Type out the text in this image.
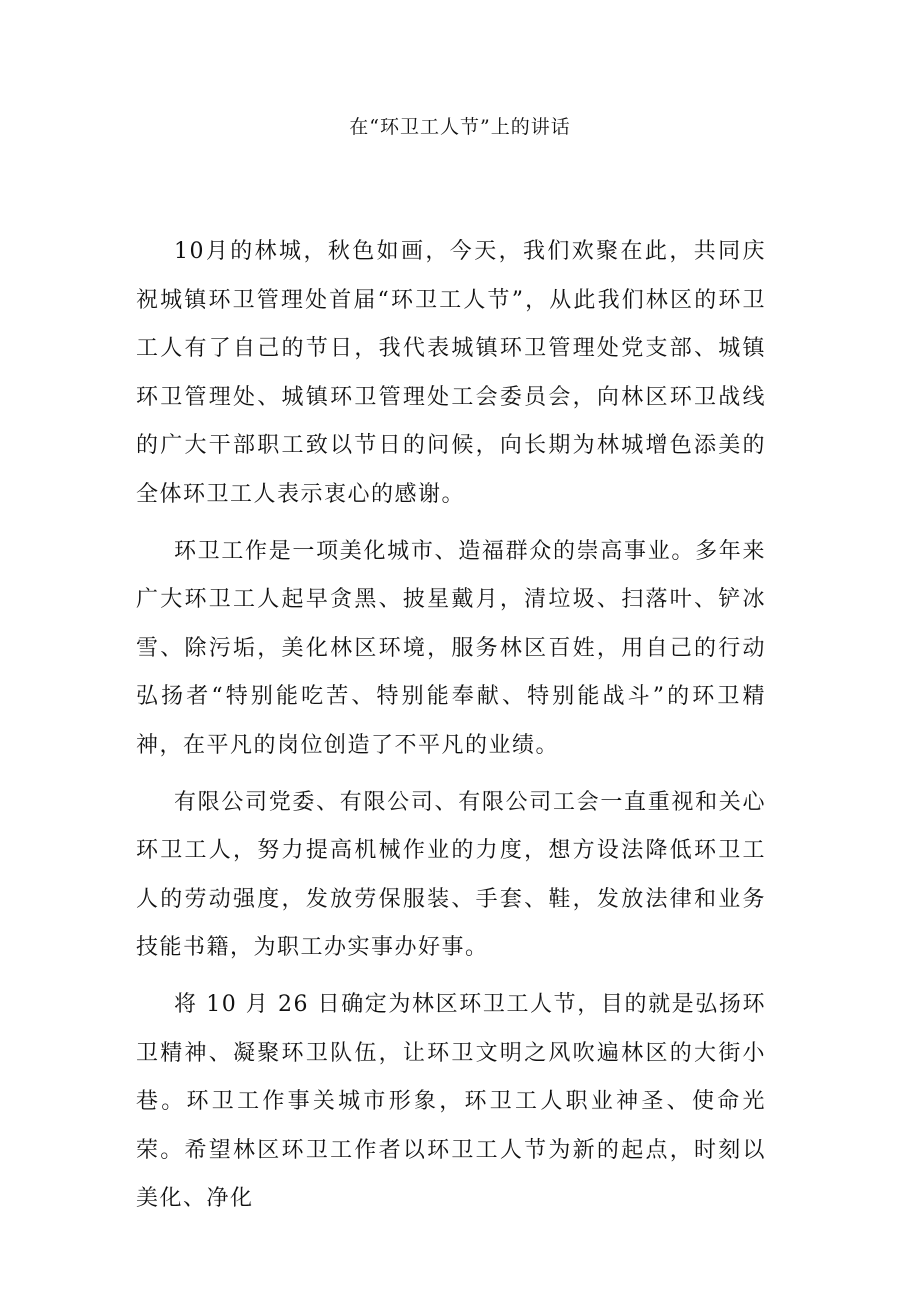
在“环卫工人节”上的讲话

10月的林城，秋色如画，今天，我们欢聚在此，共同庆祝城镇环卫管理处首届“环卫工人节”，从此我们林区的环卫工人有了自己的节日，我代表城镇环卫管理处党支部、城镇环卫管理处、城镇环卫管理处工会委员会，向林区环卫战线的广大干部职工致以节日的问候，向长期为林城增色添美的全体环卫工人表示衷心的感谢。

环卫工作是一项美化城市、造福群众的崇高事业。多年来广大环卫工人起早贪黑、披星戴月，清垃圾、扫落叶、铲冰雪、除污垢，美化林区环境，服务林区百姓，用自己的行动弘扬者“特别能吃苦、特别能奉献、特别能战斗”的环卫精神，在平凡的岗位创造了不平凡的业绩。

有限公司党委、有限公司、有限公司工会一直重视和关心环卫工人，努力提高机械作业的力度，想方设法降低环卫工人的劳动强度，发放劳保服装、手套、鞋，发放法律和业务技能书籍，为职工办实事办好事。

将 10 月 26 日确定为林区环卫工人节，目的就是弘扬环卫精神、凝聚环卫队伍，让环卫文明之风吹遍林区的大街小巷。环卫工作事关城市形象，环卫工人职业神圣、使命光荣。希望林区环卫工作者以环卫工人节为新的起点，时刻以美化、净化
